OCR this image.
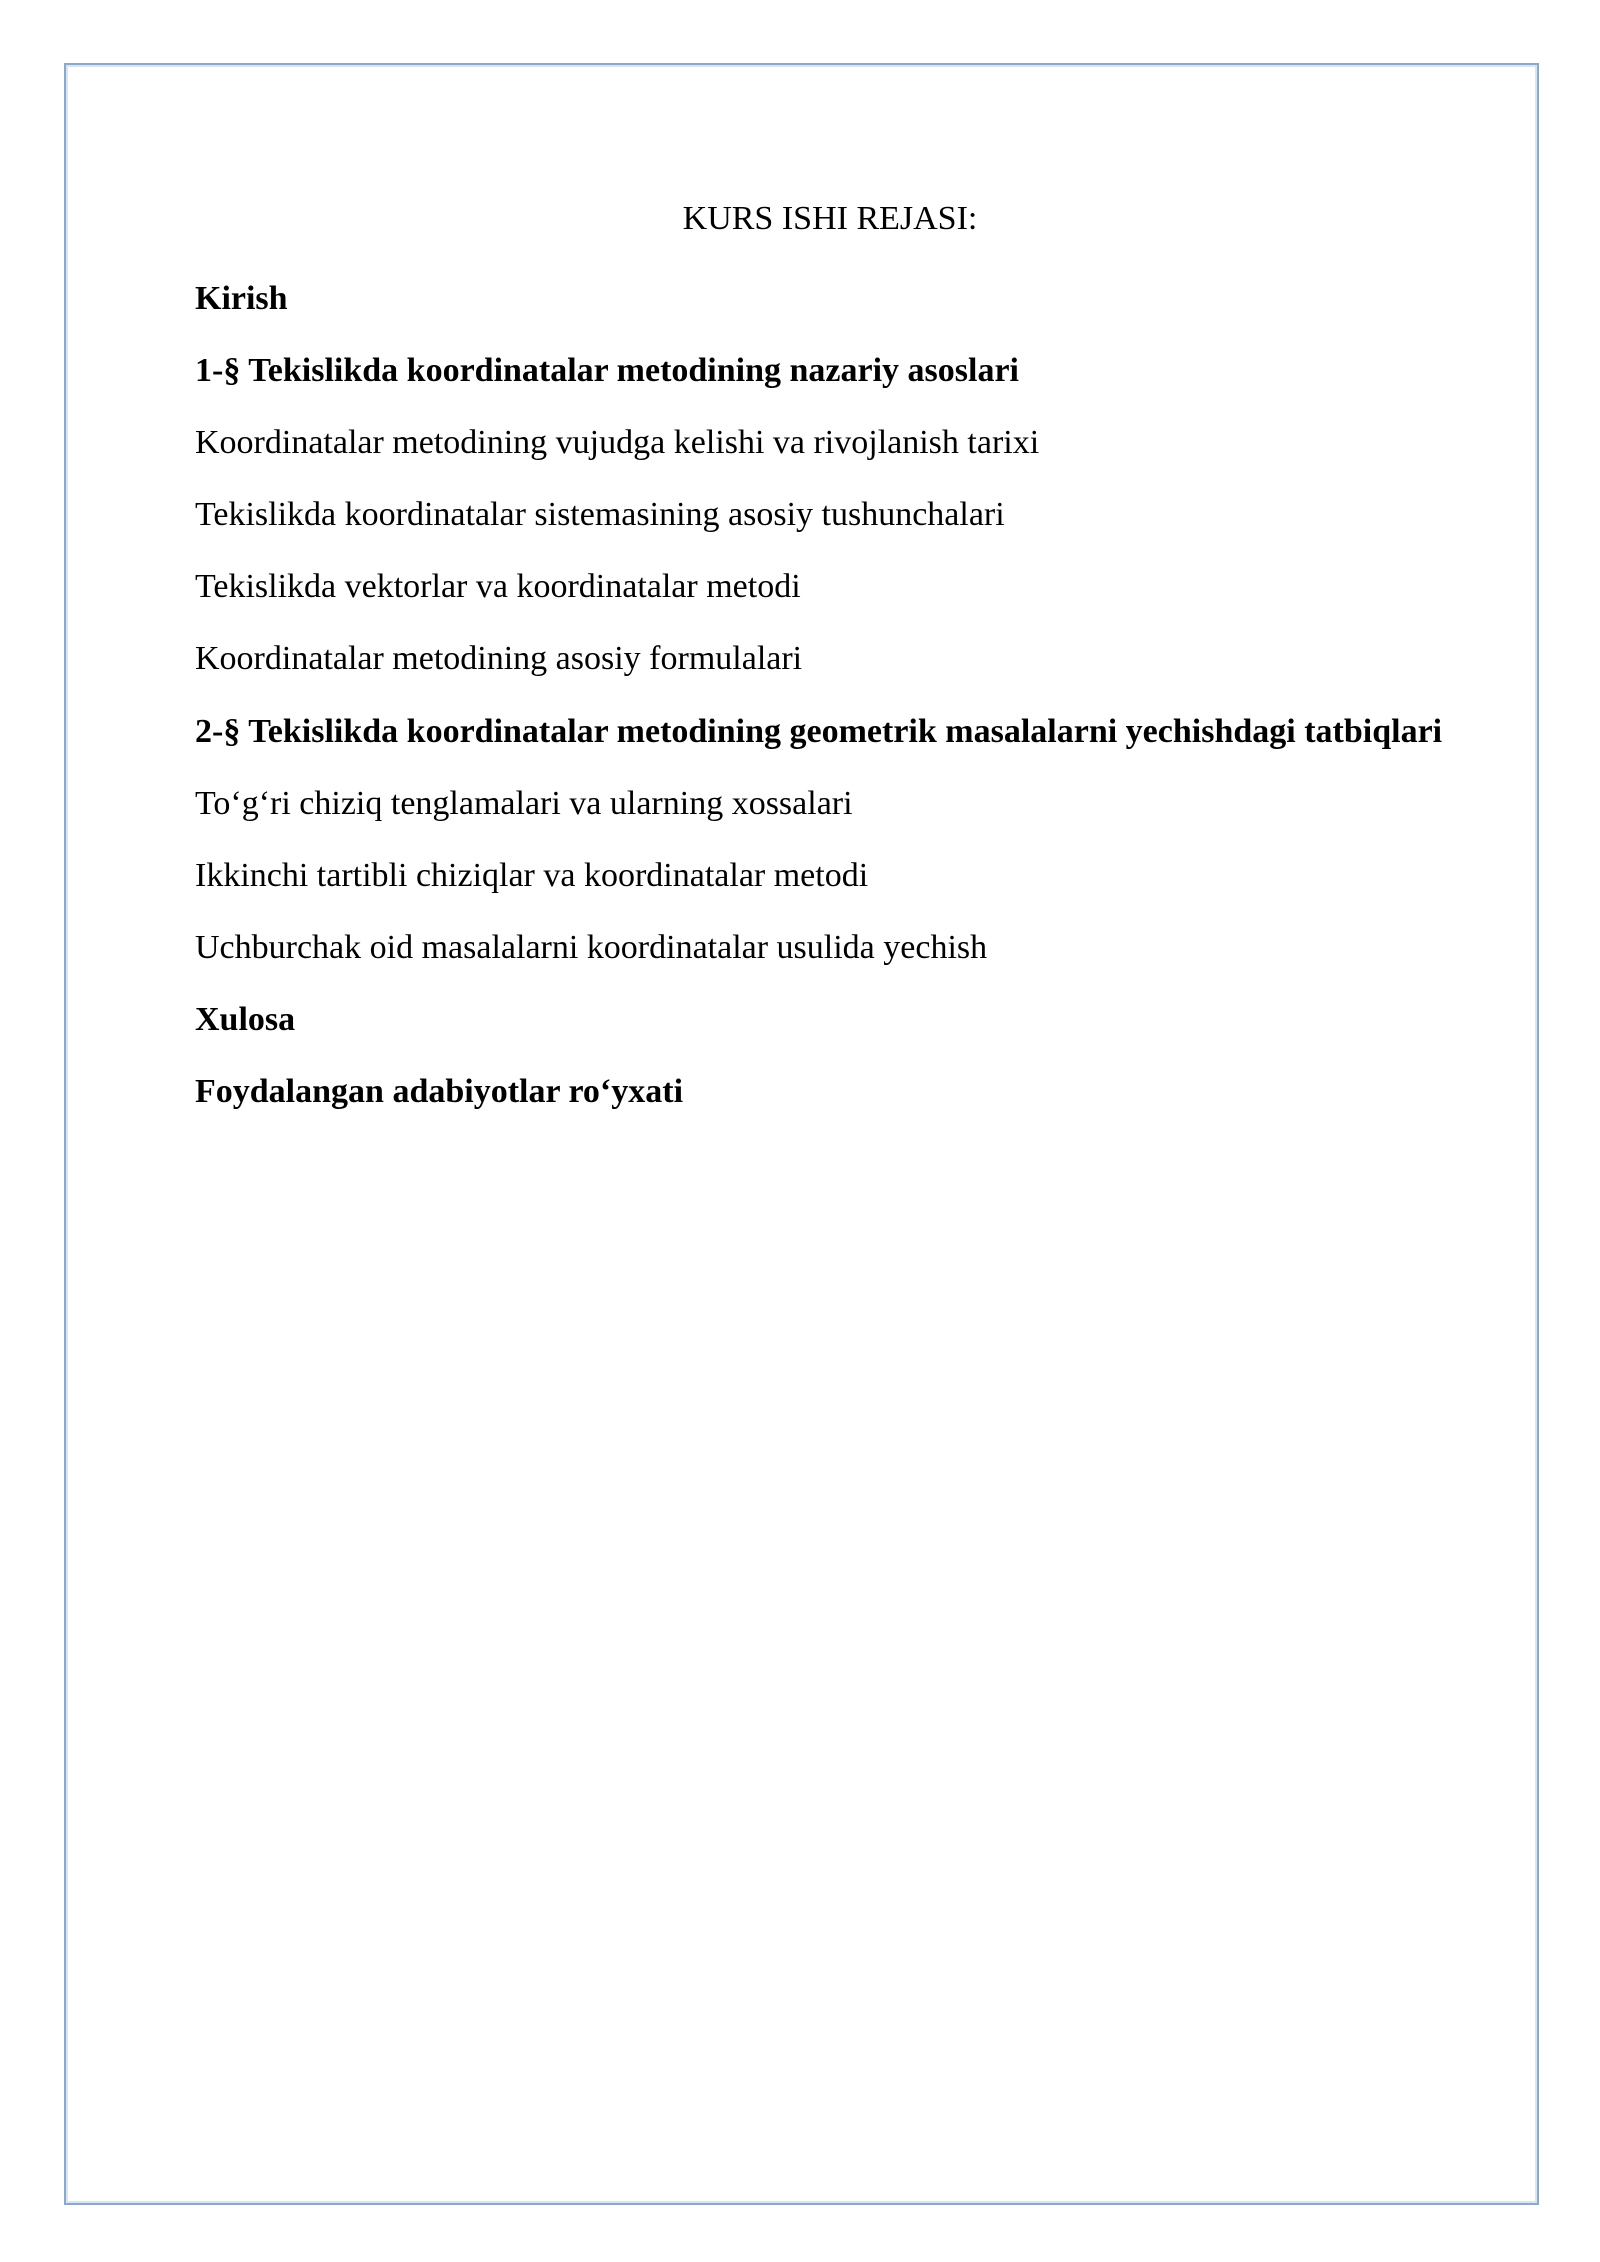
KURS ISHI REJASI:
Kirish
1-§ Tekislikda koordinatalar metodining nazariy asoslari
Koordinatalar metodining vujudga kelishi va rivojlanish tarixi
Tekislikda koordinatalar sistemasining asosiy tushunchalari
Tekislikda vektorlar va koordinatalar metodi
Koordinatalar metodining asosiy formulalari
2-§ Tekislikda koordinatalar metodining geometrik masalalarni yechishdagi tatbiqlari
To‘g‘ri chiziq tenglamalari va ularning xossalari
Ikkinchi tartibli chiziqlar va koordinatalar metodi
Uchburchak oid masalalarni koordinatalar usulida yechish
Xulosa
Foydalangan adabiyotlar ro‘yxati
